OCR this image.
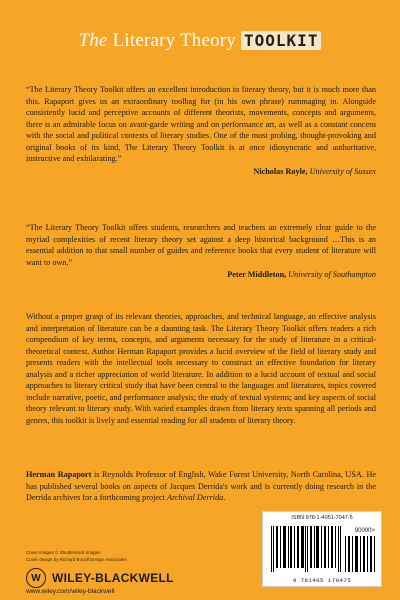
The Literary Theory TOOLKIT

“The Literary Theory Toolkit offers an excellent introduction to literary theory, but it is much more than this. Rapaport gives us an extraordinary toolbag for (in his own phrase) rummaging in. Alongside consistently lucid and perceptive accounts of different theorists, movements, concepts and arguments, there is an admirable focus on avant-garde writing and on performance art, as well as a constant concern with the social and political contexts of literary studies. One of the most probing, thought-provoking and original books of its kind, The Literary Theory Toolkit is at once idiosyncratic and authoritative, instructive and exhilarating.”

Nicholas Royle, University of Sussex

“The Literary Theory Toolkit offers students, researchers and teachers an extremely clear guide to the myriad complexities of recent literary theory set against a deep historical background …This is an essential addition to that small number of guides and reference books that every student of literature will want to own.”

Peter Middleton, University of Southampton

Without a proper grasp of its relevant theories, approaches, and technical language, an effective analysis and interpretation of literature can be a daunting task. The Literary Theory Toolkit offers readers a rich compendium of key terms, concepts, and arguments necessary for the study of literature in a critical-theoretical context. Author Herman Rapaport provides a lucid overview of the field of literary study and presents readers with the intellectual tools necessary to construct an effective foundation for literary analysis and a richer appreciation of world literature. In addition to a lucid account of textual and social approaches to literary critical study that have been central to the languages and literatures, topics covered include narrative, poetic, and performance analysis; the study of textual systems; and key aspects of social theory relevant to literary study. With varied examples drawn from literary texts spanning all periods and genres, this toolkit is lively and essential reading for all students of literary theory.
Herman Rapaport is Reynolds Professor of English, Wake Forest University, North Carolina, USA. He has published several books on aspects of Jacques Derrida's work and is currently doing research in the Derrida archives for a forthcoming project Archival Derrida.
Cover images © Shutterstock images
Cover design by Richard Boxall Design Associates
W WILEY-BLACKWELL
www.wiley.com/wiley-blackwell
ISBN 978-1-4051-7047-5
90000>
9 781405 170475
